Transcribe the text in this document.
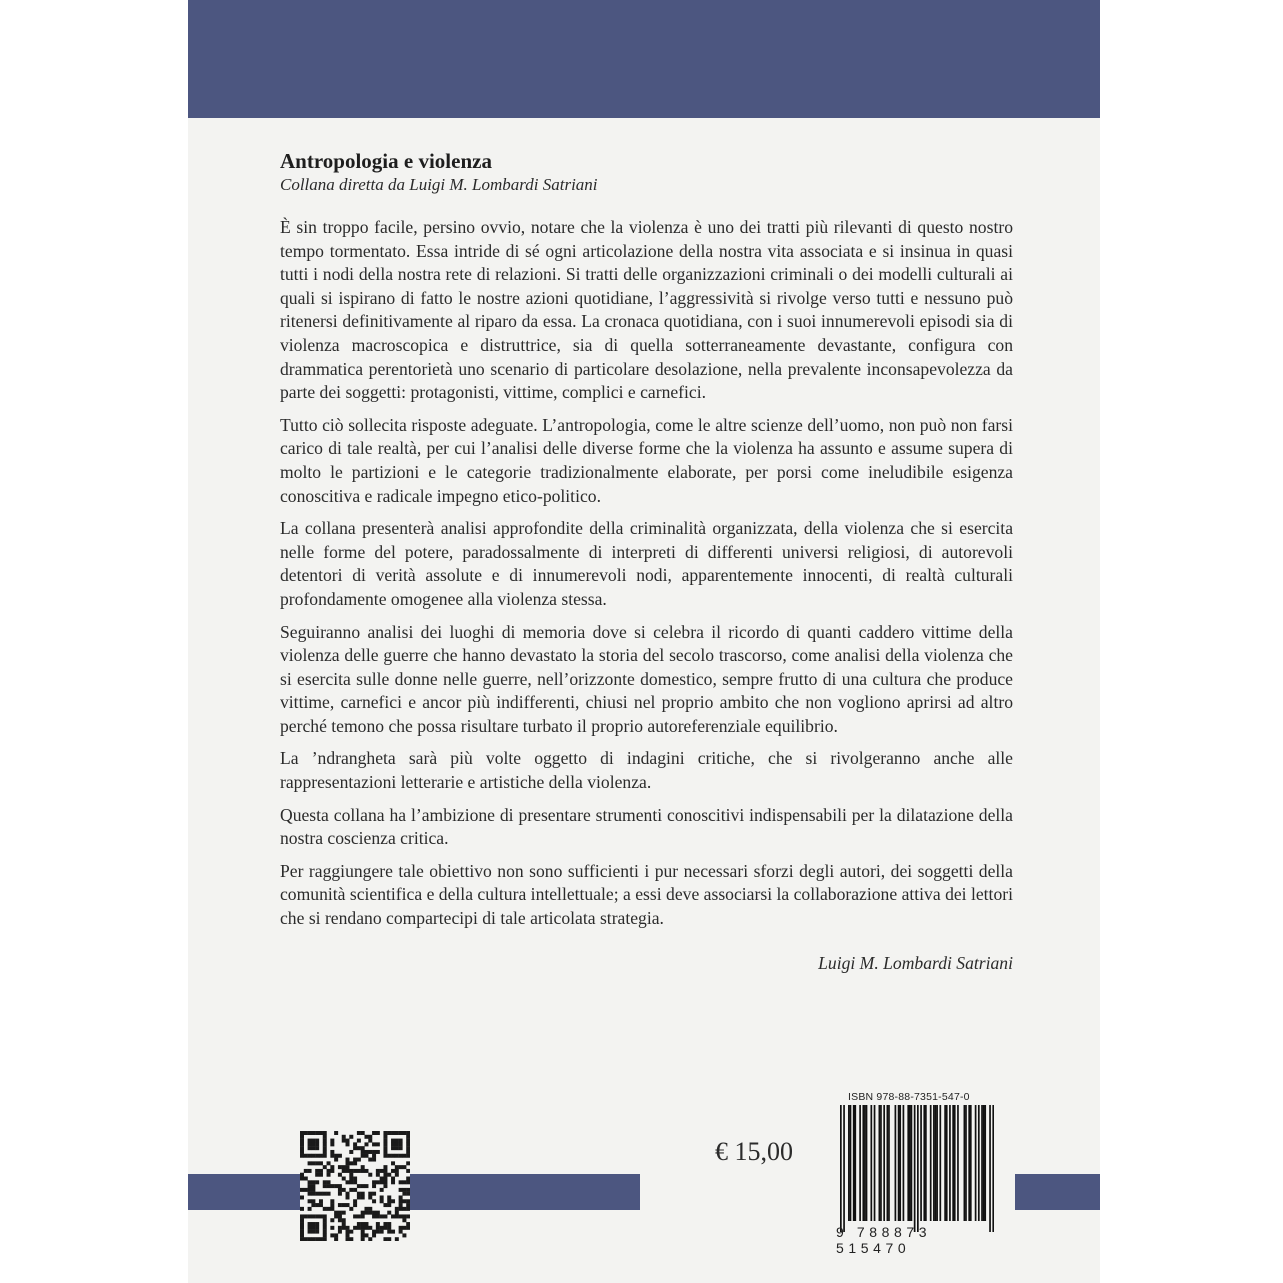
Antropologia e violenza

Collana diretta da Luigi M. Lombardi Satriani

È sin troppo facile, persino ovvio, notare che la violenza è uno dei tratti più rilevanti di questo nostro tempo tormentato. Essa intride di sé ogni articolazione della nostra vita associata e si insinua in quasi tutti i nodi della nostra rete di relazioni. Si tratti delle organizzazioni criminali o dei modelli culturali ai quali si ispirano di fatto le nostre azioni quotidiane, l’aggressività si rivolge verso tutti e nessuno può ritenersi definitivamente al riparo da essa. La cronaca quotidiana, con i suoi innumerevoli episodi sia di violenza macroscopica e distruttrice, sia di quella sotterraneamente devastante, configura con drammatica perentorietà uno scenario di particolare desolazione, nella prevalente inconsapevolezza da parte dei soggetti: protagonisti, vittime, complici e carnefici.

Tutto ciò sollecita risposte adeguate. L’antropologia, come le altre scienze dell’uomo, non può non farsi carico di tale realtà, per cui l’analisi delle diverse forme che la violenza ha assunto e assume supera di molto le partizioni e le categorie tradizionalmente elaborate, per porsi come ineludibile esigenza conoscitiva e radicale impegno etico-politico.

La collana presenterà analisi approfondite della criminalità organizzata, della violenza che si esercita nelle forme del potere, paradossalmente di interpreti di differenti universi religiosi, di autorevoli detentori di verità assolute e di innumerevoli nodi, apparentemente innocenti, di realtà culturali profondamente omogenee alla violenza stessa.

Seguiranno analisi dei luoghi di memoria dove si celebra il ricordo di quanti caddero vittime della violenza delle guerre che hanno devastato la storia del secolo trascorso, come analisi della violenza che si esercita sulle donne nelle guerre, nell’orizzonte domestico, sempre frutto di una cultura che produce vittime, carnefici e ancor più indifferenti, chiusi nel proprio ambito che non vogliono aprirsi ad altro perché temono che possa risultare turbato il proprio autoreferenziale equilibrio.

La ’ndrangheta sarà più volte oggetto di indagini critiche, che si rivolgeranno anche alle rappresentazioni letterarie e artistiche della violenza.

Questa collana ha l’ambizione di presentare strumenti conoscitivi indispensabili per la dilatazione della nostra coscienza critica.

Per raggiungere tale obiettivo non sono sufficienti i pur necessari sforzi degli autori, dei soggetti della comunità scientifica e della cultura intellettuale; a essi deve associarsi la collaborazione attiva dei lettori che si rendano compartecipi di tale articolata strategia.

Luigi M. Lombardi Satriani
€ 15,00
ISBN 978-88-7351-547-0
9 788873 515470
